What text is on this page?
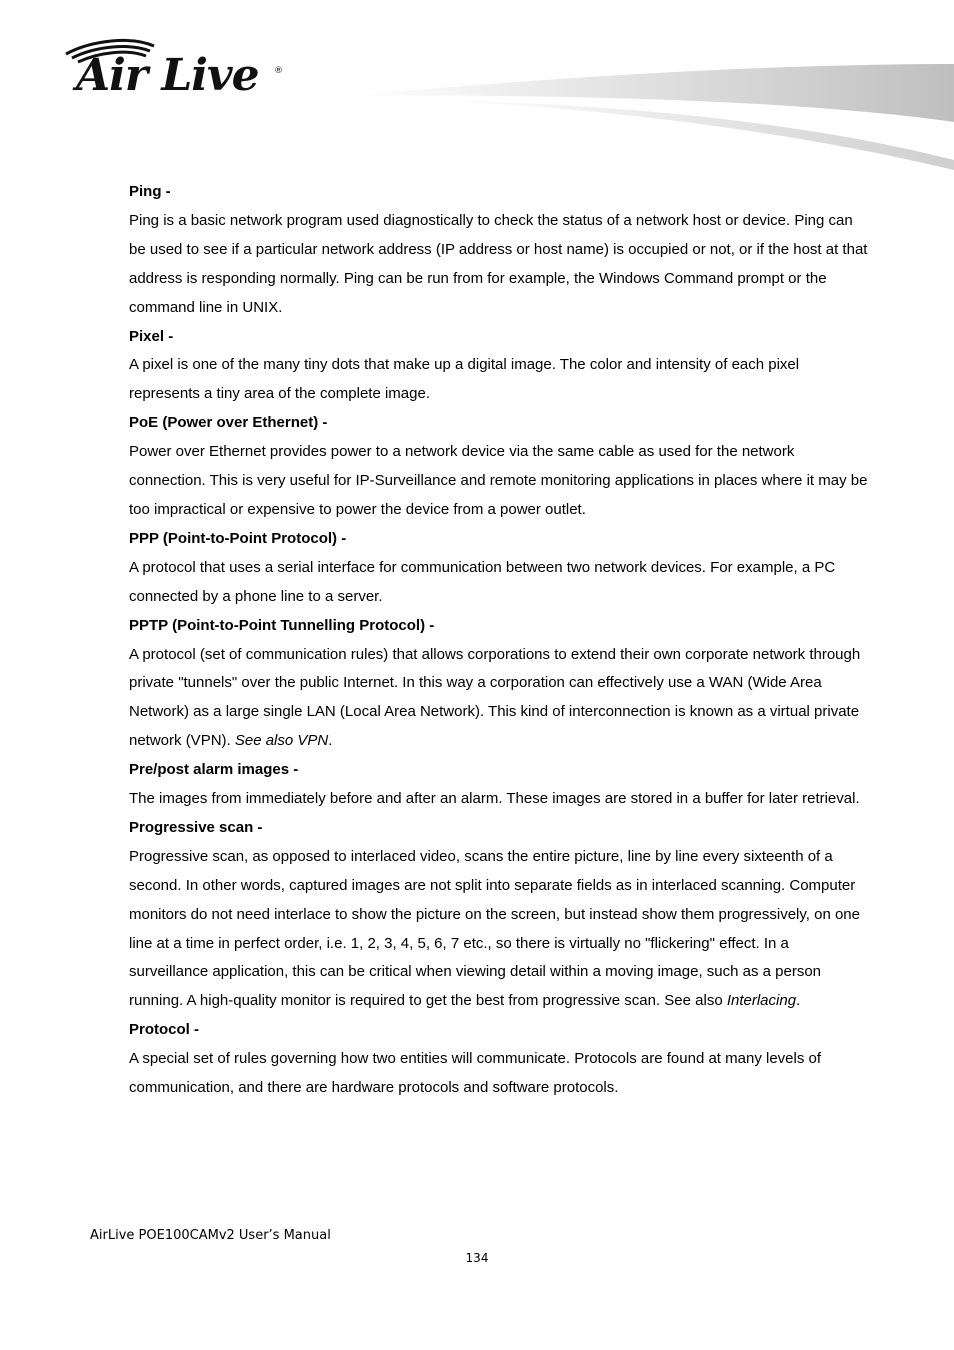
Air Live ®
Ping -
Ping is a basic network program used diagnostically to check the status of a network host or device. Ping can be used to see if a particular network address (IP address or host name) is occupied or not, or if the host at that address is responding normally. Ping can be run from for example, the Windows Command prompt or the command line in UNIX.
Pixel -
A pixel is one of the many tiny dots that make up a digital image. The color and intensity of each pixel represents a tiny area of the complete image.
PoE (Power over Ethernet) -
Power over Ethernet provides power to a network device via the same cable as used for the network connection. This is very useful for IP-Surveillance and remote monitoring applications in places where it may be too impractical or expensive to power the device from a power outlet.
PPP (Point-to-Point Protocol) -
A protocol that uses a serial interface for communication between two network devices. For example, a PC connected by a phone line to a server.
PPTP (Point-to-Point Tunnelling Protocol) -
A protocol (set of communication rules) that allows corporations to extend their own corporate network through private "tunnels" over the public Internet. In this way a corporation can effectively use a WAN (Wide Area Network) as a large single LAN (Local Area Network). This kind of interconnection is known as a virtual private network (VPN). See also VPN.
Pre/post alarm images -
The images from immediately before and after an alarm. These images are stored in a buffer for later retrieval.
Progressive scan -
Progressive scan, as opposed to interlaced video, scans the entire picture, line by line every sixteenth of a second. In other words, captured images are not split into separate fields as in interlaced scanning. Computer monitors do not need interlace to show the picture on the screen, but instead show them progressively, on one line at a time in perfect order, i.e. 1, 2, 3, 4, 5, 6, 7 etc., so there is virtually no "flickering" effect. In a surveillance application, this can be critical when viewing detail within a moving image, such as a person running. A high-quality monitor is required to get the best from progressive scan. See also Interlacing.
Protocol -
A special set of rules governing how two entities will communicate. Protocols are found at many levels of communication, and there are hardware protocols and software protocols.
AirLive POE100CAMv2 User’s Manual
134
